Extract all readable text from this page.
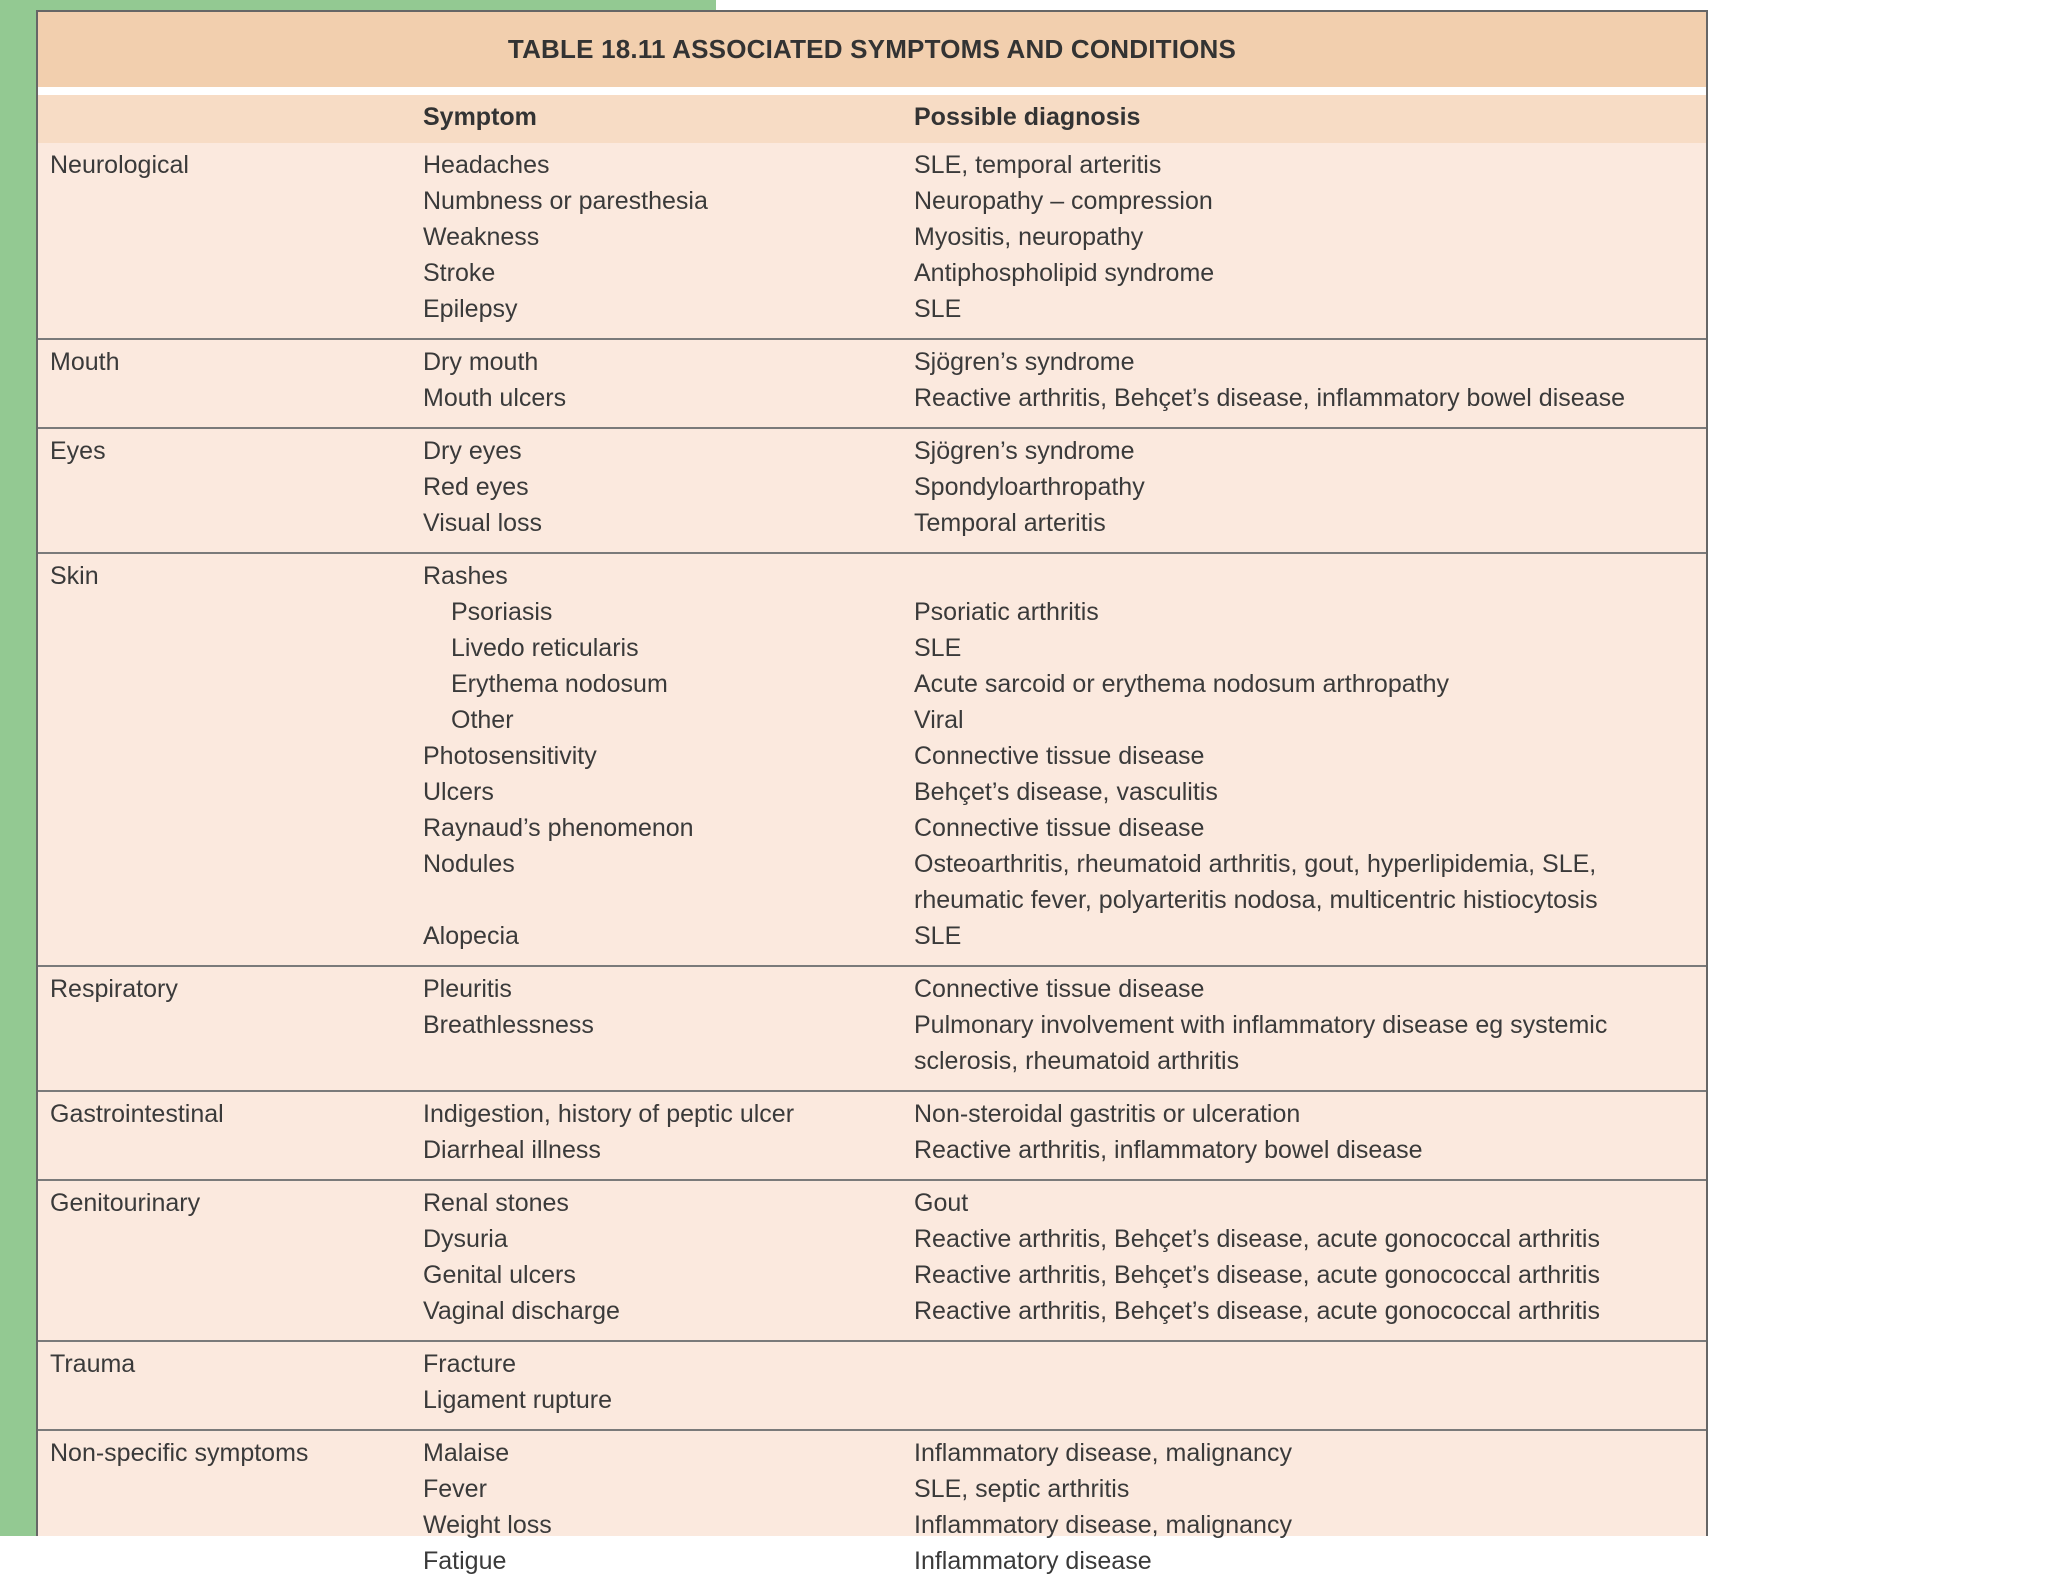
TABLE 18.11 ASSOCIATED SYMPTOMS AND CONDITIONS
Symptom	Possible diagnosis
Neurological	Headaches	SLE, temporal arteritis
Numbness or paresthesia	Neuropathy – compression
Weakness	Myositis, neuropathy
Stroke	Antiphospholipid syndrome
Epilepsy	SLE
Mouth	Dry mouth	Sjögren’s syndrome
Mouth ulcers	Reactive arthritis, Behçet’s disease, inflammatory bowel disease
Eyes	Dry eyes	Sjögren’s syndrome
Red eyes	Spondyloarthropathy
Visual loss	Temporal arteritis
Skin	Rashes
Psoriasis	Psoriatic arthritis
Livedo reticularis	SLE
Erythema nodosum	Acute sarcoid or erythema nodosum arthropathy
Other	Viral
Photosensitivity	Connective tissue disease
Ulcers	Behçet’s disease, vasculitis
Raynaud’s phenomenon	Connective tissue disease
Nodules	Osteoarthritis, rheumatoid arthritis, gout, hyperlipidemia, SLE,
rheumatic fever, polyarteritis nodosa, multicentric histiocytosis
Alopecia	SLE
Respiratory	Pleuritis	Connective tissue disease
Breathlessness	Pulmonary involvement with inflammatory disease eg systemic
sclerosis, rheumatoid arthritis
Gastrointestinal	Indigestion, history of peptic ulcer	Non-steroidal gastritis or ulceration
Diarrheal illness	Reactive arthritis, inflammatory bowel disease
Genitourinary	Renal stones	Gout
Dysuria	Reactive arthritis, Behçet’s disease, acute gonococcal arthritis
Genital ulcers	Reactive arthritis, Behçet’s disease, acute gonococcal arthritis
Vaginal discharge	Reactive arthritis, Behçet’s disease, acute gonococcal arthritis
Trauma	Fracture
Ligament rupture
Non-specific symptoms	Malaise	Inflammatory disease, malignancy
Fever	SLE, septic arthritis
Weight loss	Inflammatory disease, malignancy
Fatigue	Inflammatory disease
